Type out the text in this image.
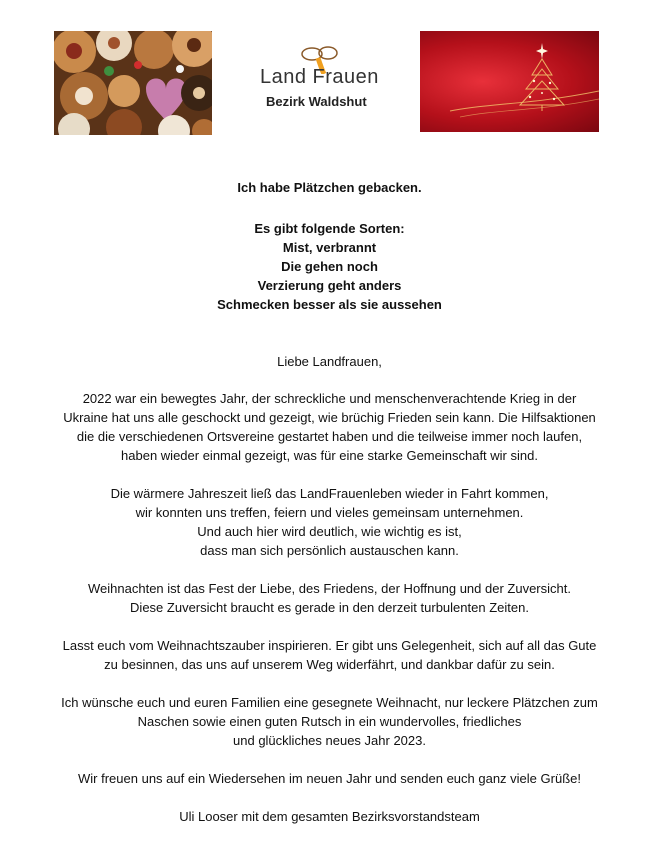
Land Frauen
Bezirk Waldshut
Ich habe Plätzchen gebacken.
Es gibt folgende Sorten:
Mist, verbrannt
Die gehen noch
Verzierung geht anders
Schmecken besser als sie aussehen
Liebe Landfrauen,
2022 war ein bewegtes Jahr, der schreckliche und menschenverachtende Krieg in der
Ukraine hat uns alle geschockt und gezeigt, wie brüchig Frieden sein kann. Die Hilfsaktionen
die die verschiedenen Ortsvereine gestartet haben und die teilweise immer noch laufen,
haben wieder einmal gezeigt, was für eine starke Gemeinschaft wir sind.
Die wärmere Jahreszeit ließ das LandFrauenleben wieder in Fahrt kommen,
wir konnten uns treffen, feiern und vieles gemeinsam unternehmen.
Und auch hier wird deutlich, wie wichtig es ist,
dass man sich persönlich austauschen kann.
Weihnachten ist das Fest der Liebe, des Friedens, der Hoffnung und der Zuversicht.
Diese Zuversicht braucht es gerade in den derzeit turbulenten Zeiten.
Lasst euch vom Weihnachtszauber inspirieren. Er gibt uns Gelegenheit, sich auf all das Gute
zu besinnen, das uns auf unserem Weg widerfährt, und dankbar dafür zu sein.
Ich wünsche euch und euren Familien eine gesegnete Weihnacht, nur leckere Plätzchen zum
Naschen sowie einen guten Rutsch in ein wundervolles, friedliches
und glückliches neues Jahr 2023.
Wir freuen uns auf ein Wiedersehen im neuen Jahr und senden euch ganz viele Grüße!
Uli Looser mit dem gesamten Bezirksvorstandsteam
